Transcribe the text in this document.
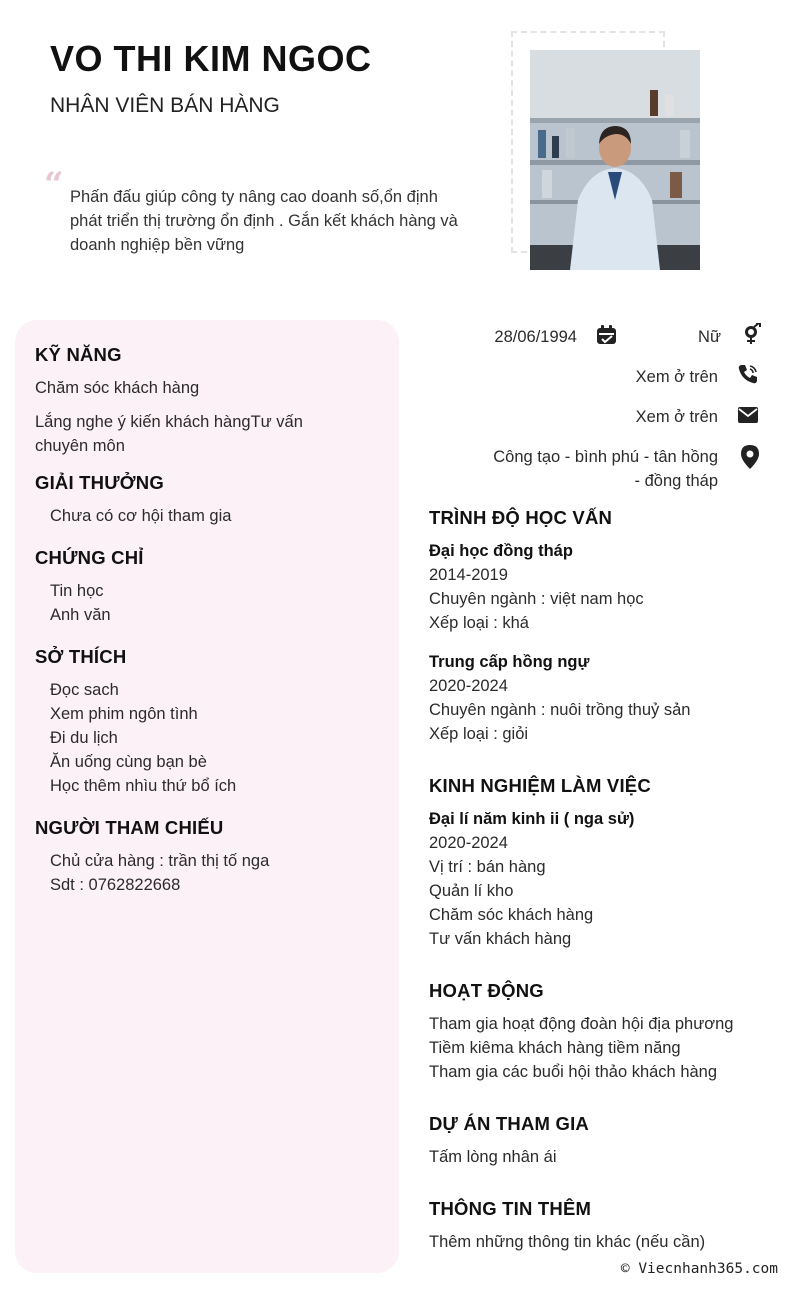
VO THI KIM NGOC
NHÂN VIÊN BÁN HÀNG
“ Phấn đấu giúp công ty nâng cao doanh số,ổn định phát triển thị trường ổn định . Gắn kết khách hàng và doanh nghiệp bền vững
KỸ NĂNG
Chăm sóc khách hàng
Lắng nghe ý kiến khách hàngTư vấn chuyên môn
GIẢI THƯỞNG
Chưa có cơ hội tham gia
CHỨNG CHỈ
Tin học
Anh văn
SỞ THÍCH
Đọc sach
Xem phim ngôn tình
Đi du lịch
Ăn uống cùng bạn bè
Học thêm nhìu thứ bổ ích
NGƯỜI THAM CHIẾU
Chủ cửa hàng : trần thị tố nga
Sdt : 0762822668
28/06/1994	Nữ
Xem ở trên
Xem ở trên
Công tạo - bình phú - tân hồng
- đồng tháp
TRÌNH ĐỘ HỌC VẤN
Đại học đồng tháp
2014-2019
Chuyên ngành : việt nam học
Xếp loại : khá
Trung cấp hồng ngự
2020-2024
Chuyên ngành : nuôi trồng thuỷ sản
Xếp loại : giỏi
KINH NGHIỆM LÀM VIỆC
Đại lí năm kinh ii ( nga sử)
2020-2024
Vị trí : bán hàng
Quản lí kho
Chăm sóc khách hàng
Tư vấn khách hàng
HOẠT ĐỘNG
Tham gia hoạt động đoàn hội địa phương
Tiềm kiêma khách hàng tiềm năng
Tham gia các buổi hội thảo khách hàng
DỰ ÁN THAM GIA
Tấm lòng nhân ái
THÔNG TIN THÊM
Thêm những thông tin khác (nếu cần)
© Viecnhanh365.com
